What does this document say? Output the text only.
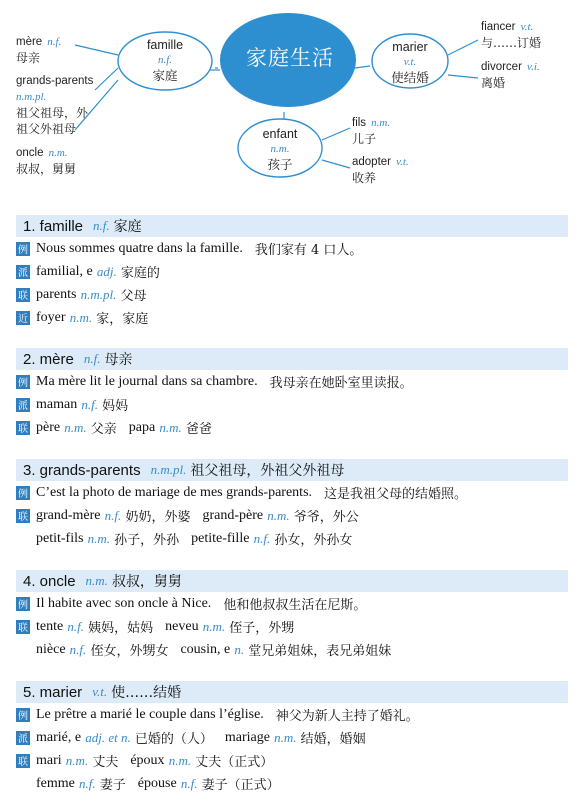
家庭生活
famille
n.f.
家庭
marier
v.t.
使结婚
enfant
n.m.
孩子
mère n.f.
母亲
grands-parents
n.m.pl.
祖父祖母，外
祖父外祖母
oncle n.m.
叔叔，舅舅
fiancer v.t.
与……订婚
divorcer v.i.
离婚
fils n.m.
儿子
adopter v.t.
收养
1. famille n.f. 家庭
例 Nous sommes quatre dans la famille. 我们家有 4 口人。
派 familial, e
adj.
家庭的
联 parents
n.m.pl.
父母
近 foyer
n.m.
家，家庭
2. mère n.f. 母亲
例 Ma mère lit le journal dans sa chambre. 我母亲在她卧室里读报。
派 maman
n.f.
妈妈
联 père
n.m.
父亲 papa
n.m.
爸爸
3. grands-parents n.m.pl. 祖父祖母，外祖父外祖母
例 C’est la photo de mariage de mes grands-parents. 这是我祖父母的结婚照。
联 grand-mère
n.f.
奶奶，外婆 grand-père
n.m.
爷爷，外公
petit-fils
n.m.
孙子，外孙 petite-fille
n.f.
孙女，外孙女
4. oncle n.m. 叔叔，舅舅
例 Il habite avec son oncle à Nice. 他和他叔叔生活在尼斯。
联 tente
n.f.
姨妈，姑妈 neveu
n.m.
侄子，外甥
nièce
n.f.
侄女，外甥女 cousin, e
n.
堂兄弟姐妹，表兄弟姐妹
5. marier v.t. 使……结婚
例 Le prêtre a marié le couple dans l’église. 神父为新人主持了婚礼。
派 marié, e
adj. et n.
已婚的（人） mariage
n.m.
结婚，婚姻
联 mari
n.m.
丈夫 époux
n.m.
丈夫（正式）
femme
n.f.
妻子 épouse
n.f.
妻子（正式）
